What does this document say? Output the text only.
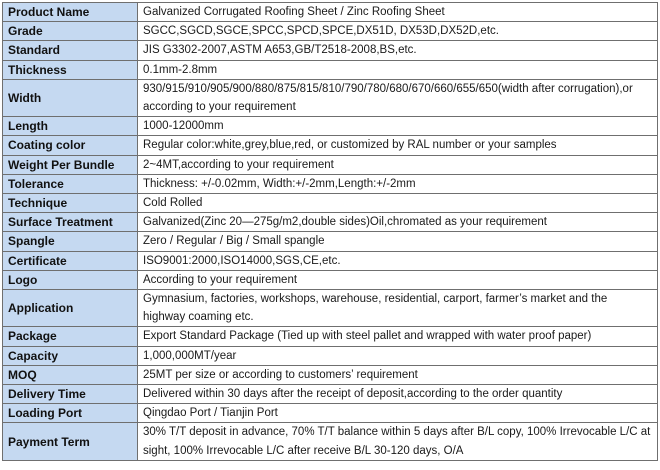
Product Name	Galvanized Corrugated Roofing Sheet / Zinc Roofing Sheet
Grade	SGCC,SGCD,SGCE,SPCC,SPCD,SPCE,DX51D, DX53D,DX52D,etc.
Standard	JIS G3302-2007,ASTM A653,GB/T2518-2008,BS,etc.
Thickness	0.1mm-2.8mm
Width	930/915/910/905/900/880/875/815/810/790/780/680/670/660/655/650(width after corrugation),or according to your requirement
Length	1000-12000mm
Coating color	Regular color:white,grey,blue,red, or customized by RAL number or your samples
Weight Per Bundle	2~4MT,according to your requirement
Tolerance	Thickness: +/-0.02mm, Width:+/-2mm,Length:+/-2mm
Technique	Cold Rolled
Surface Treatment	Galvanized(Zinc 20—275g/m2,double sides)Oil,chromated as your requirement
Spangle	Zero / Regular / Big / Small spangle
Certificate	ISO9001:2000,ISO14000,SGS,CE,etc.
Logo	According to your requirement
Application	Gymnasium, factories, workshops, warehouse, residential, carport, farmer’s market and the highway coaming etc.
Package	Export Standard Package (Tied up with steel pallet and wrapped with water proof paper)
Capacity	1,000,000MT/year
MOQ	25MT per size or according to customers’ requirement
Delivery Time	Delivered within 30 days after the receipt of deposit,according to the order quantity
Loading Port	Qingdao Port / Tianjin Port
Payment Term	30% T/T deposit in advance, 70% T/T balance within 5 days after B/L copy, 100% Irrevocable L/C at sight, 100% Irrevocable L/C after receive B/L 30-120 days, O/A
